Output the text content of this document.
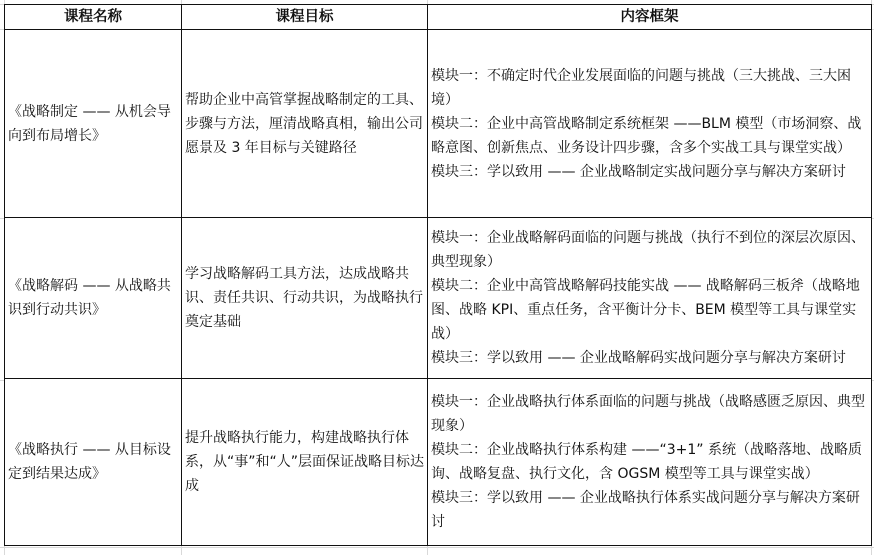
课程名称	课程目标	内容框架
《战略制定 —— 从机会导向到布局增长》	帮助企业中高管掌握战略制定的工具、步骤与方法，厘清战略真相，输出公司愿景及 3 年目标与关键路径	模块一：不确定时代企业发展面临的问题与挑战（三大挑战、三大困境）
模块二：企业中高管战略制定系统框架 ——BLM 模型（市场洞察、战略意图、创新焦点、业务设计四步骤，含多个实战工具与课堂实战）
模块三：学以致用 —— 企业战略制定实战问题分享与解决方案研讨

《战略解码 —— 从战略共识到行动共识》	学习战略解码工具方法，达成战略共识、责任共识、行动共识，为战略执行奠定基础	模块一：企业战略解码面临的问题与挑战（执行不到位的深层次原因、典型现象）
模块二：企业中高管战略解码技能实战 —— 战略解码三板斧（战略地图、战略 KPI、重点任务，含平衡计分卡、BEM 模型等工具与课堂实战）
模块三：学以致用 —— 企业战略解码实战问题分享与解决方案研讨

《战略执行 —— 从目标设定到结果达成》	提升战略执行能力，构建战略执行体系，从“事”和“人”层面保证战略目标达成	模块一：企业战略执行体系面临的问题与挑战（战略感匮乏原因、典型现象）
模块二：企业战略执行体系构建 ——“3+1” 系统（战略落地、战略质询、战略复盘、执行文化，含 OGSM 模型等工具与课堂实战）
模块三：学以致用 —— 企业战略执行体系实战问题分享与解决方案研讨
